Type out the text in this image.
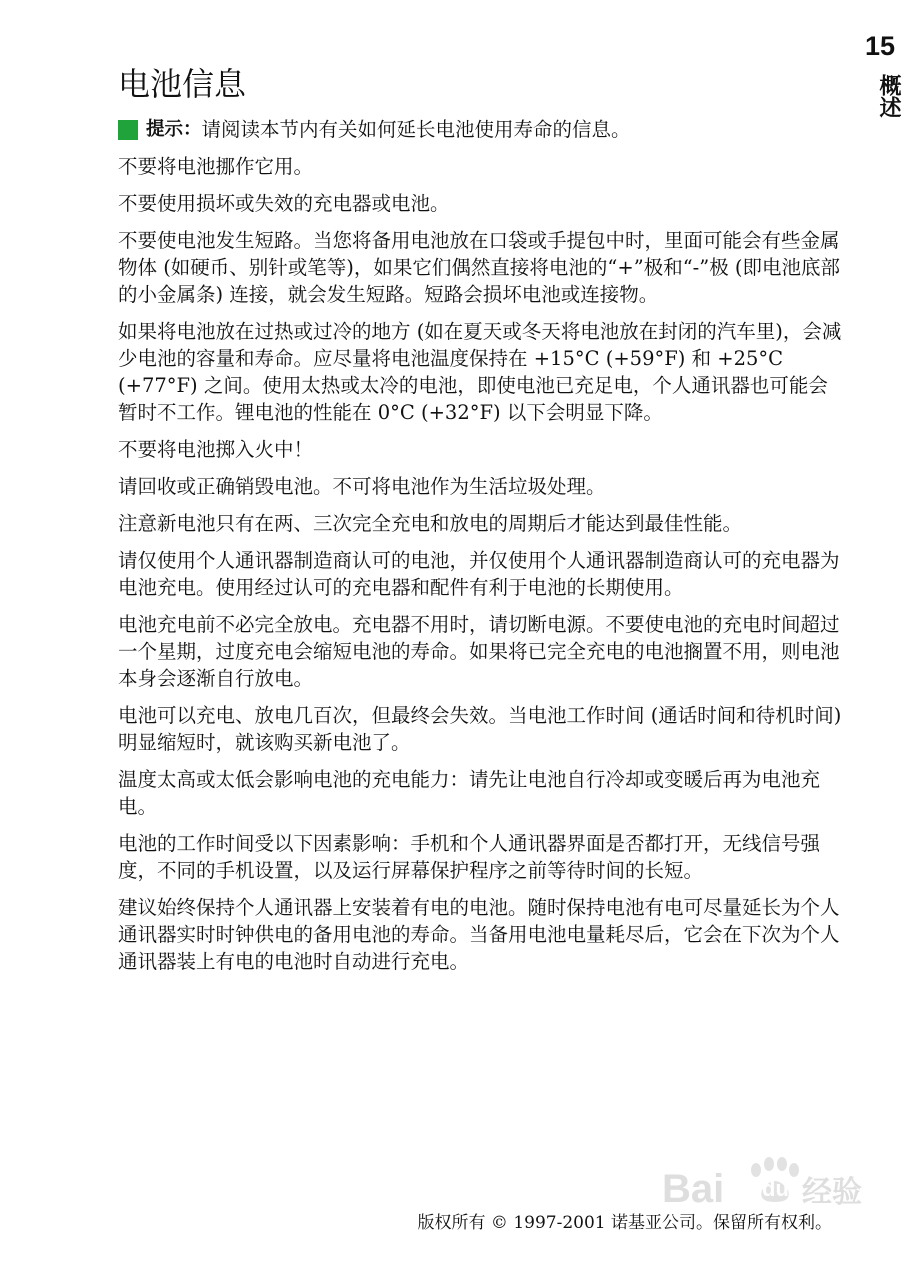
15
概述
电池信息

提示： 请阅读本节内有关如何延长电池使用寿命的信息。

不要将电池挪作它用。

不要使用损坏或失效的充电器或电池。

不要使电池发生短路。当您将备用电池放在口袋或手提包中时，里面可能会有些金属物体 (如硬币、别针或笔等)，如果它们偶然直接将电池的“+”极和“-”极 (即电池底部的小金属条) 连接，就会发生短路。短路会损坏电池或连接物。

如果将电池放在过热或过冷的地方 (如在夏天或冬天将电池放在封闭的汽车里)，会减少电池的容量和寿命。应尽量将电池温度保持在 +15°C (+59°F) 和 +25°C (+77°F) 之间。使用太热或太冷的电池，即使电池已充足电，个人通讯器也可能会暂时不工作。锂电池的性能在 0°C (+32°F) 以下会明显下降。

不要将电池掷入火中！

请回收或正确销毁电池。不可将电池作为生活垃圾处理。

注意新电池只有在两、三次完全充电和放电的周期后才能达到最佳性能。

请仅使用个人通讯器制造商认可的电池，并仅使用个人通讯器制造商认可的充电器为电池充电。使用经过认可的充电器和配件有利于电池的长期使用。

电池充电前不必完全放电。充电器不用时，请切断电源。不要使电池的充电时间超过一个星期，过度充电会缩短电池的寿命。如果将已完全充电的电池搁置不用，则电池本身会逐渐自行放电。

电池可以充电、放电几百次，但最终会失效。当电池工作时间 (通话时间和待机时间) 明显缩短时，就该购买新电池了。

温度太高或太低会影响电池的充电能力：请先让电池自行冷却或变暖后再为电池充电。

电池的工作时间受以下因素影响：手机和个人通讯器界面是否都打开，无线信号强度，不同的手机设置，以及运行屏幕保护程序之前等待时间的长短。

建议始终保持个人通讯器上安装着有电的电池。随时保持电池有电可尽量延长为个人通讯器实时时钟供电的备用电池的寿命。当备用电池电量耗尽后，它会在下次为个人通讯器装上有电的电池时自动进行充电。

Bai du 经验
版权所有 © 1997-2001 诺基亚公司。保留所有权利。
